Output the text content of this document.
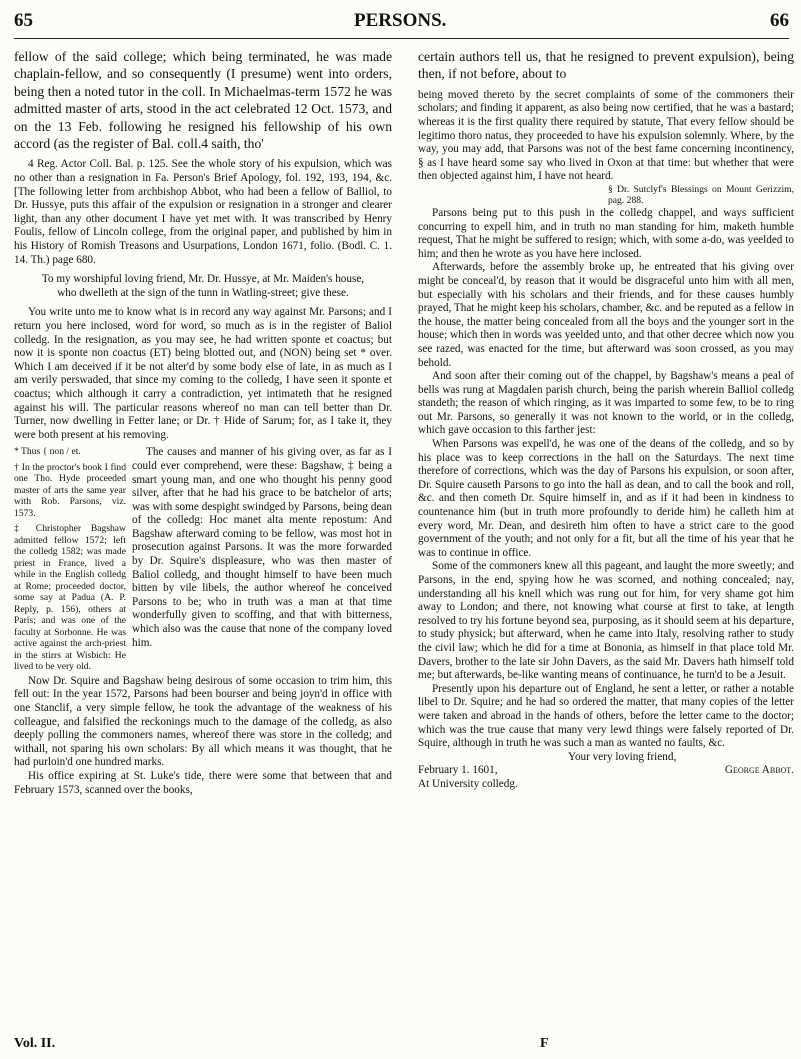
65	PERSONS.	66

fellow of the said college; which being terminated, he was made chaplain-fellow, and so consequently (I presume) went into orders, being then a noted tutor in the coll. In Michaelmas-term 1572 he was admitted master of arts, stood in the act celebrated 12 Oct. 1573, and on the 13 Feb. following he resigned his fellowship of his own accord (as the register of Bal. coll.4 saith, tho'

4 Reg. Actor Coll. Bal. p. 125. See the whole story of his expulsion, which was no other than a resignation in Fa. Person's Brief Apology, fol. 192, 193, 194, &c. [The following letter from archbishop Abbot, who had been a fellow of Balliol, to Dr. Hussye, puts this affair of the expulsion or resignation in a stronger and clearer light, than any other document I have yet met with. It was transcribed by Henry Foulis, fellow of Lincoln college, from the original paper, and published by him in his History of Romish Treasons and Usurpations, London 1671, folio. (Bodl. C. 1. 14. Th.) page 680.

To my worshipful loving friend, Mr. Dr. Hussye, at Mr. Maiden's house, who dwelleth at the sign of the tunn in Watling-street; give these.

You write unto me to know what is in record any way against Mr. Parsons; and I return you here inclosed, word for word, so much as is in the register of Baliol colledg. In the resignation, as you may see, he had written sponte et coactus; but now it is sponte non coactus (ET) being blotted out, and (NON) being set * over. Which I am deceived if it be not alter'd by some body else of late, in as much as I am verily perswaded, that since my coming to the colledg, I have seen it sponte et coactus; which although it carry a contradiction, yet intimateth that he resigned against his will. The particular reasons whereof no man can tell better than Dr. Turner, now dwelling in Fetter lane; or Dr. † Hide of Sarum; for, as I take it, they were both present at his removing.

* Thus { non / et.

† In the proctor's book I find one Tho. Hyde proceeded master of arts the same year with Rob. Parsons, viz. 1573.

‡ Christopher Bagshaw admitted fellow 1572; left the colledg 1582; was made priest in France, lived a while in the English colledg at Rome; proceeded doctor, some say at Padua (A. P. Reply, p. 156), others at Paris; and was one of the faculty at Sorbonne. He was active against the arch-priest in the stirrs at Wisbich: He lived to be very old.

The causes and manner of his giving over, as far as I could ever comprehend, were these: Bagshaw, ‡ being a smart young man, and one who thought his penny good silver, after that he had his grace to be batchelor of arts; was with some despight swindged by Parsons, being dean of the colledg: Hoc manet alta mente repostum: And Bagshaw afterward coming to be fellow, was most hot in prosecution against Parsons. It was the more forwarded by Dr. Squire's displeasure, who was then master of Baliol colledg, and thought himself to have been much bitten by vile libels, the author whereof he conceived Parsons to be; who in truth was a man at that time wonderfully given to scoffing, and that with bitterness, which also was the cause that none of the company loved him.

Now Dr. Squire and Bagshaw being desirous of some occasion to trim him, this fell out: In the year 1572, Parsons had been bourser and being joyn'd in office with one Stanclif, a very simple fellow, he took the advantage of the weakness of his colleague, and falsified the reckonings much to the damage of the colledg, as also deeply polling the commoners names, whereof there was store in the colledg; and withall, not sparing his own scholars: By all which means it was thought, that he had purloin'd one hundred marks.

His office expiring at St. Luke's tide, there were some that between that and February 1573, scanned over the books,

certain authors tell us, that he resigned to prevent expulsion), being then, if not before, about to

being moved thereto by the secret complaints of some of the commoners their scholars; and finding it apparent, as also being now certified, that he was a bastard; whereas it is the first quality there required by statute, That every fellow should be legitimo thoro natus, they proceeded to have his expulsion solemnly. Where, by the way, you may add, that Parsons was not of the best fame concerning incontinency, § as I have heard some say who lived in Oxon at that time: but whether that were then objected against him, I have not heard.

§ Dr. Sutclyf's Blessings on Mount Gerizzim, pag. 288.

Parsons being put to this push in the colledg chappel, and ways sufficient concurring to expell him, and in truth no man standing for him, maketh humble request, That he might be suffered to resign; which, with some a-do, was yeelded to him; and then he wrote as you have here inclosed.

Afterwards, before the assembly broke up, he entreated that his giving over might be conceal'd, by reason that it would be disgraceful unto him with all men, but especially with his scholars and their friends, and for these causes humbly prayed, That he might keep his scholars, chamber, &c. and be reputed as a fellow in the house, the matter being concealed from all the boys and the younger sort in the house; which then in words was yeelded unto, and that other decree which now you see razed, was enacted for the time, but afterward was soon crossed, as you may behold.

And soon after their coming out of the chappel, by Bagshaw's means a peal of bells was rung at Magdalen parish church, being the parish wherein Balliol colledg standeth; the reason of which ringing, as it was imparted to some few, to be to ring out Mr. Parsons, so generally it was not known to the world, or in the colledg, which gave occasion to this farther jest:

When Parsons was expell'd, he was one of the deans of the colledg, and so by his place was to keep corrections in the hall on the Saturdays. The next time therefore of corrections, which was the day of Parsons his expulsion, or soon after, Dr. Squire causeth Parsons to go into the hall as dean, and to call the book and roll, &c. and then cometh Dr. Squire himself in, and as if it had been in kindness to countenance him (but in truth more profoundly to deride him) he calleth him at every word, Mr. Dean, and desireth him often to have a strict care to the good government of the youth; and not only for a fit, but all the time of his year that he was to continue in office.

Some of the commoners knew all this pageant, and laught the more sweetly; and Parsons, in the end, spying how he was scorned, and nothing concealed; nay, understanding all his knell which was rung out for him, for very shame got him away to London; and there, not knowing what course at first to take, at length resolved to try his fortune beyond sea, purposing, as it should seem at his departure, to study physick; but afterward, when he came into Italy, resolving rather to study the civil law; which he did for a time at Bononia, as himself in that place told Mr. Davers, brother to the late sir John Davers, as the said Mr. Davers hath himself told me; but afterwards, be-like wanting means of continuance, he turn'd to be a Jesuit.

Presently upon his departure out of England, he sent a letter, or rather a notable libel to Dr. Squire; and he had so ordered the matter, that many copies of the letter were taken and abroad in the hands of others, before the letter came to the doctor; which was the true cause that many very lewd things were falsely reported of Dr. Squire, although in truth he was such a man as wanted no faults, &c.

Your very loving friend,

February 1. 1601,	George Abbot.

At University colledg.

Vol. II.	F
